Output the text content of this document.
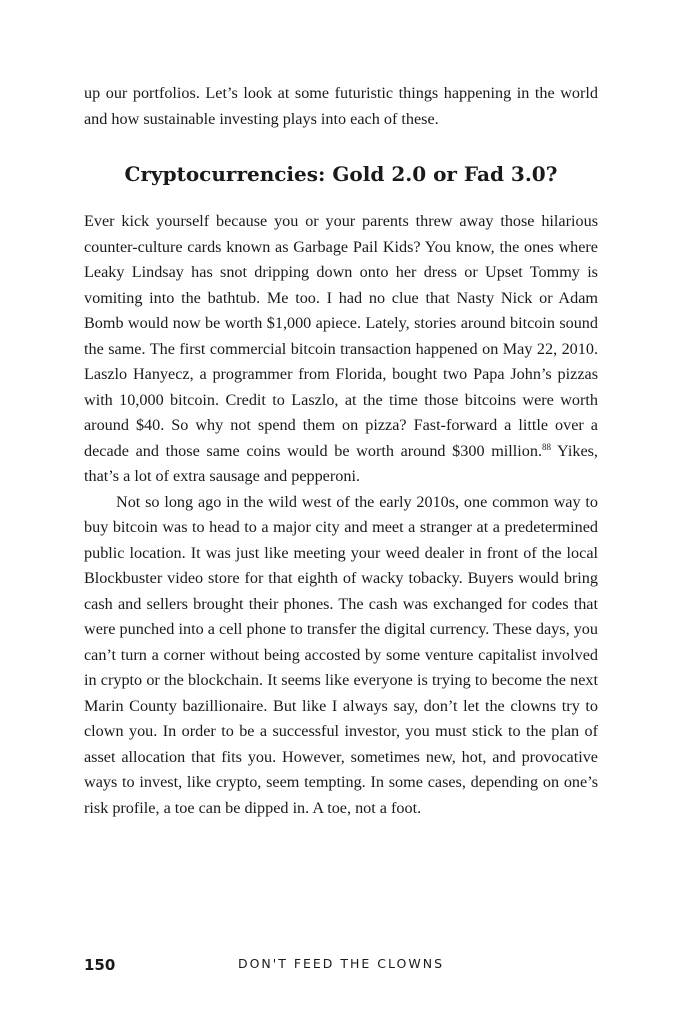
up our portfolios. Let’s look at some futuristic things happening in the world and how sustainable investing plays into each of these.
Cryptocurrencies: Gold 2.0 or Fad 3.0?

Ever kick yourself because you or your parents threw away those hilarious counter-culture cards known as Garbage Pail Kids? You know, the ones where Leaky Lindsay has snot dripping down onto her dress or Upset Tommy is vomiting into the bathtub. Me too. I had no clue that Nasty Nick or Adam Bomb would now be worth $1,000 apiece. Lately, stories around bitcoin sound the same. The first commercial bitcoin transaction happened on May 22, 2010. Laszlo Hanyecz, a programmer from Florida, bought two Papa John’s pizzas with 10,000 bitcoin. Credit to Laszlo, at the time those bitcoins were worth around $40. So why not spend them on pizza? Fast-forward a little over a decade and those same coins would be worth around $300 million.$^{88}$ Yikes, that’s a lot of extra sausage and pepperoni.

Not so long ago in the wild west of the early 2010s, one common way to buy bitcoin was to head to a major city and meet a stranger at a predetermined public location. It was just like meeting your weed dealer in front of the local Blockbuster video store for that eighth of wacky tobacky. Buyers would bring cash and sellers brought their phones. The cash was exchanged for codes that were punched into a cell phone to transfer the digital currency. These days, you can’t turn a corner without being accosted by some venture capitalist involved in crypto or the blockchain. It seems like everyone is trying to become the next Marin County bazillionaire. But like I always say, don’t let the clowns try to clown you. In order to be a successful investor, you must stick to the plan of asset allocation that fits you. However, sometimes new, hot, and provocative ways to invest, like crypto, seem tempting. In some cases, depending on one’s risk profile, a toe can be dipped in. A toe, not a foot.

150	DON'T FEED THE CLOWNS
